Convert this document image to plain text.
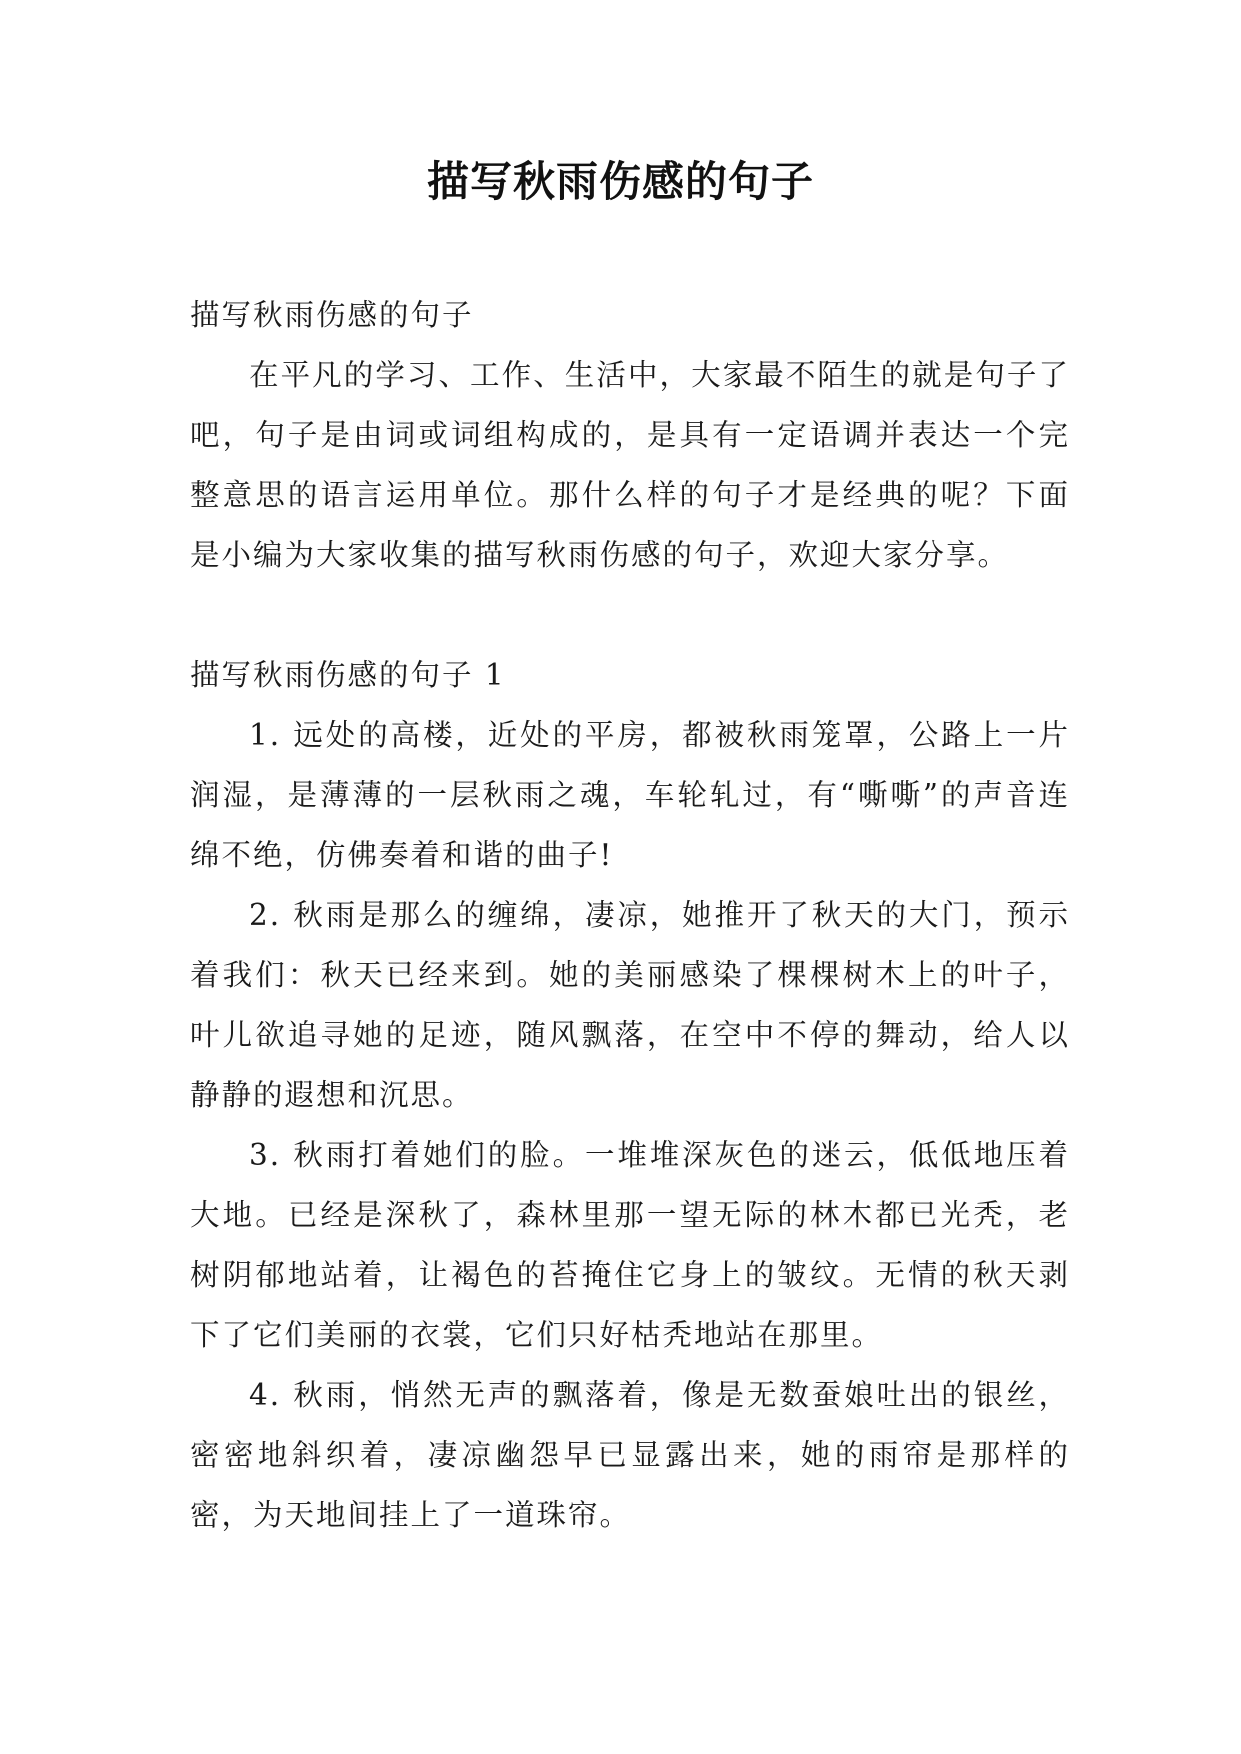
描写秋雨伤感的句子

描写秋雨伤感的句子

在平凡的学习、工作、生活中，大家最不陌生的就是句子了吧，句子是由词或词组构成的，是具有一定语调并表达一个完整意思的语言运用单位。那什么样的句子才是经典的呢？下面是小编为大家收集的描写秋雨伤感的句子，欢迎大家分享。

描写秋雨伤感的句子 1

1. 远处的高楼，近处的平房，都被秋雨笼罩，公路上一片润湿，是薄薄的一层秋雨之魂，车轮轧过，有“嘶嘶”的声音连绵不绝，仿佛奏着和谐的曲子!

2. 秋雨是那么的缠绵，凄凉，她推开了秋天的大门，预示着我们：秋天已经来到。她的美丽感染了棵棵树木上的叶子，叶儿欲追寻她的足迹，随风飘落，在空中不停的舞动，给人以静静的遐想和沉思。

3. 秋雨打着她们的脸。一堆堆深灰色的迷云，低低地压着大地。已经是深秋了，森林里那一望无际的林木都已光秃，老树阴郁地站着，让褐色的苔掩住它身上的皱纹。无情的秋天剥下了它们美丽的衣裳，它们只好枯秃地站在那里。

4. 秋雨，悄然无声的飘落着，像是无数蚕娘吐出的银丝，密密地斜织着，凄凉幽怨早已显露出来，她的雨帘是那样的密，为天地间挂上了一道珠帘。
